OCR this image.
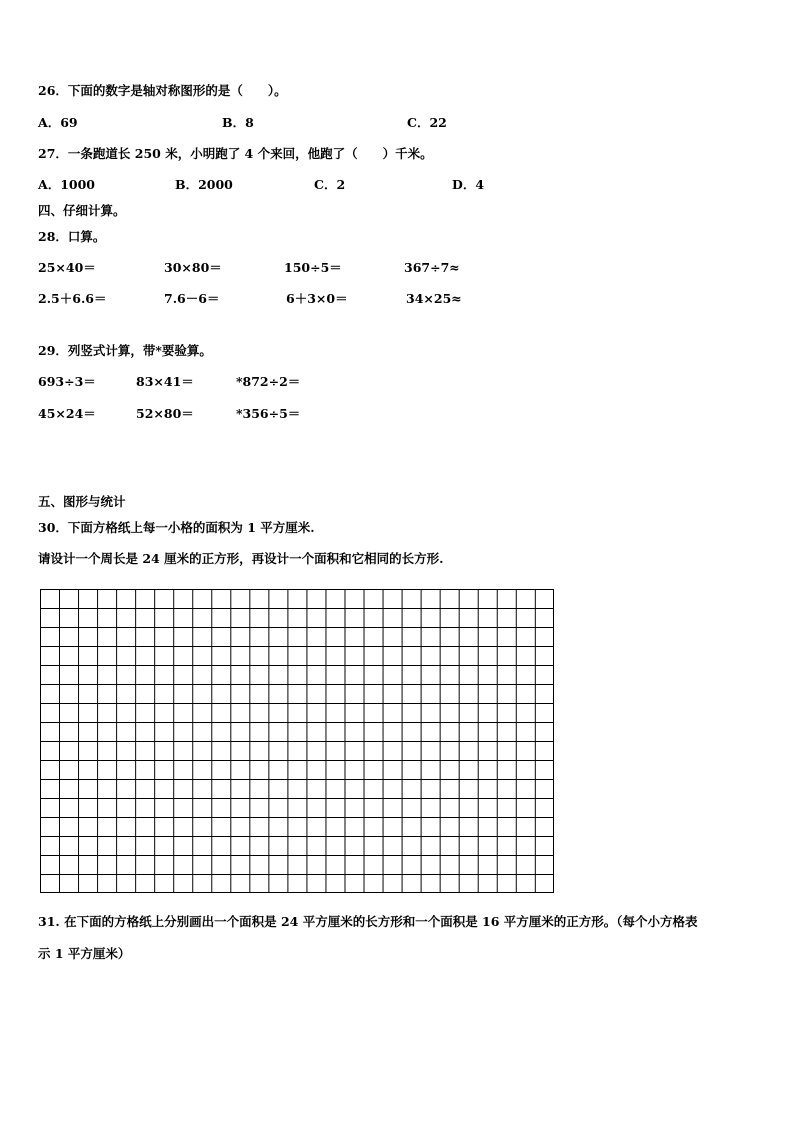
26．下面的数字是轴对称图形的是（　　）。
A．69	B．8	C．22
27．一条跑道长 250 米，小明跑了 4 个来回，他跑了（　　）千米。
A．1000	B．2000	C．2	D．4
四、仔细计算。
28．口算。
25×40＝	30×80＝	150÷5＝	367÷7≈
2.5＋6.6＝	7.6－6＝	6＋3×0＝	34×25≈
29．列竖式计算，带*要验算。
693÷3＝	83×41＝	*872÷2＝
45×24＝	52×80＝	*356÷5＝
五、图形与统计
30．下面方格纸上每一小格的面积为 1 平方厘米.
请设计一个周长是 24 厘米的正方形，再设计一个面积和它相同的长方形.
31. 在下面的方格纸上分别画出一个面积是 24 平方厘米的长方形和一个面积是 16 平方厘米的正方形。（每个小方格表
示 1 平方厘米）
